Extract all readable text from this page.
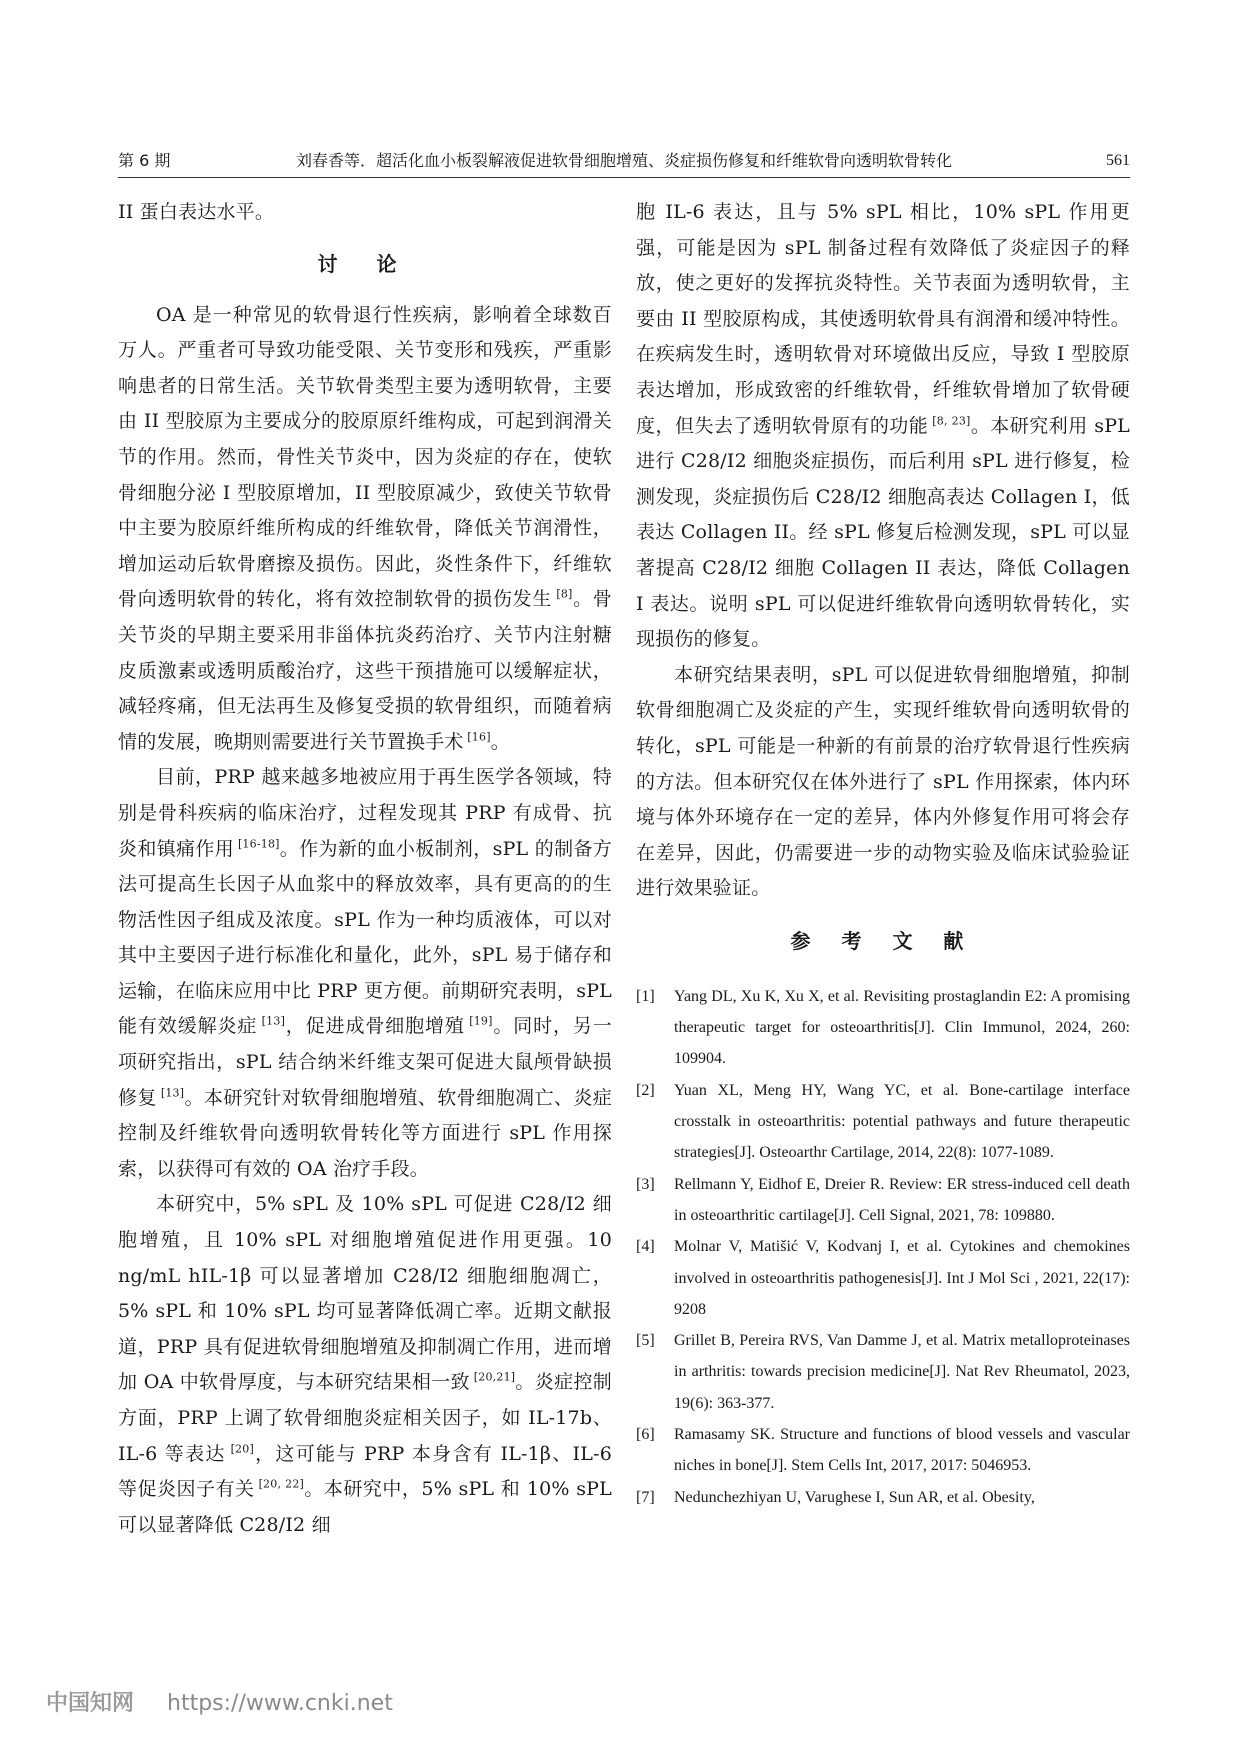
第 6 期	刘春香等．超活化血小板裂解液促进软骨细胞增殖、炎症损伤修复和纤维软骨向透明软骨转化	561

II 蛋白表达水平。

讨 论

OA 是一种常见的软骨退行性疾病，影响着全球数百万人。严重者可导致功能受限、关节变形和残疾，严重影响患者的日常生活。关节软骨类型主要为透明软骨，主要由 II 型胶原为主要成分的胶原原纤维构成，可起到润滑关节的作用。然而，骨性关节炎中，因为炎症的存在，使软骨细胞分泌 I 型胶原增加，II 型胶原减少，致使关节软骨中主要为胶原纤维所构成的纤维软骨，降低关节润滑性，增加运动后软骨磨擦及损伤。因此，炎性条件下，纤维软骨向透明软骨的转化，将有效控制软骨的损伤发生 [8]。骨关节炎的早期主要采用非甾体抗炎药治疗、关节内注射糖皮质激素或透明质酸治疗，这些干预措施可以缓解症状，减轻疼痛，但无法再生及修复受损的软骨组织，而随着病情的发展，晚期则需要进行关节置换手术 [16]。

目前，PRP 越来越多地被应用于再生医学各领域，特别是骨科疾病的临床治疗，过程发现其 PRP 有成骨、抗炎和镇痛作用 [16-18]。作为新的血小板制剂，sPL 的制备方法可提高生长因子从血浆中的释放效率，具有更高的的生物活性因子组成及浓度。sPL 作为一种均质液体，可以对其中主要因子进行标准化和量化，此外，sPL 易于储存和运输，在临床应用中比 PRP 更方便。前期研究表明，sPL 能有效缓解炎症 [13]，促进成骨细胞增殖 [19]。同时，另一项研究指出，sPL 结合纳米纤维支架可促进大鼠颅骨缺损修复 [13]。本研究针对软骨细胞增殖、软骨细胞凋亡、炎症控制及纤维软骨向透明软骨转化等方面进行 sPL 作用探索，以获得可有效的 OA 治疗手段。

本研究中，5% sPL 及 10% sPL 可促进 C28/I2 细胞增殖，且 10% sPL 对细胞增殖促进作用更强。10 ng/mL hIL-1β 可以显著增加 C28/I2 细胞细胞凋亡，5% sPL 和 10% sPL 均可显著降低凋亡率。近期文献报道，PRP 具有促进软骨细胞增殖及抑制凋亡作用，进而增加 OA 中软骨厚度，与本研究结果相一致 [20,21]。炎症控制方面，PRP 上调了软骨细胞炎症相关因子，如 IL-17b、IL-6 等表达 [20]，这可能与 PRP 本身含有 IL-1β、IL-6 等促炎因子有关 [20, 22]。本研究中，5% sPL 和 10% sPL 可以显著降低 C28/I2 细

胞 IL-6 表达，且与 5% sPL 相比，10% sPL 作用更强，可能是因为 sPL 制备过程有效降低了炎症因子的释放，使之更好的发挥抗炎特性。关节表面为透明软骨，主要由 II 型胶原构成，其使透明软骨具有润滑和缓冲特性。在疾病发生时，透明软骨对环境做出反应，导致 I 型胶原表达增加，形成致密的纤维软骨，纤维软骨增加了软骨硬度，但失去了透明软骨原有的功能 [8, 23]。本研究利用 sPL 进行 C28/I2 细胞炎症损伤，而后利用 sPL 进行修复，检测发现，炎症损伤后 C28/I2 细胞高表达 Collagen I，低表达 Collagen II。经 sPL 修复后检测发现，sPL 可以显著提高 C28/I2 细胞 Collagen II 表达，降低 Collagen I 表达。说明 sPL 可以促进纤维软骨向透明软骨转化，实现损伤的修复。

本研究结果表明，sPL 可以促进软骨细胞增殖，抑制软骨细胞凋亡及炎症的产生，实现纤维软骨向透明软骨的转化，sPL 可能是一种新的有前景的治疗软骨退行性疾病的方法。但本研究仅在体外进行了 sPL 作用探索，体内环境与体外环境存在一定的差异，体内外修复作用可将会存在差异，因此，仍需要进一步的动物实验及临床试验验证进行效果验证。

参 考 文 献
[1] Yang DL, Xu K, Xu X, et al. Revisiting prostaglandin E2: A promising therapeutic target for osteoarthritis[J]. Clin Immunol, 2024, 260: 109904.
[2] Yuan XL, Meng HY, Wang YC, et al. Bone-cartilage interface crosstalk in osteoarthritis: potential pathways and future therapeutic strategies[J]. Osteoarthr Cartilage, 2014, 22(8): 1077-1089.
[3] Rellmann Y, Eidhof E, Dreier R. Review: ER stress-induced cell death in osteoarthritic cartilage[J]. Cell Signal, 2021, 78: 109880.
[4] Molnar V, Matišić V, Kodvanj I, et al. Cytokines and chemokines involved in osteoarthritis pathogenesis[J]. Int J Mol Sci , 2021, 22(17): 9208
[5] Grillet B, Pereira RVS, Van Damme J, et al. Matrix metalloproteinases in arthritis: towards precision medicine[J]. Nat Rev Rheumatol, 2023, 19(6): 363-377.
[6] Ramasamy SK. Structure and functions of blood vessels and vascular niches in bone[J]. Stem Cells Int, 2017, 2017: 5046953.
[7] Nedunchezhiyan U, Varughese I, Sun AR, et al. Obesity,
中国知网 https://www.cnki.net
